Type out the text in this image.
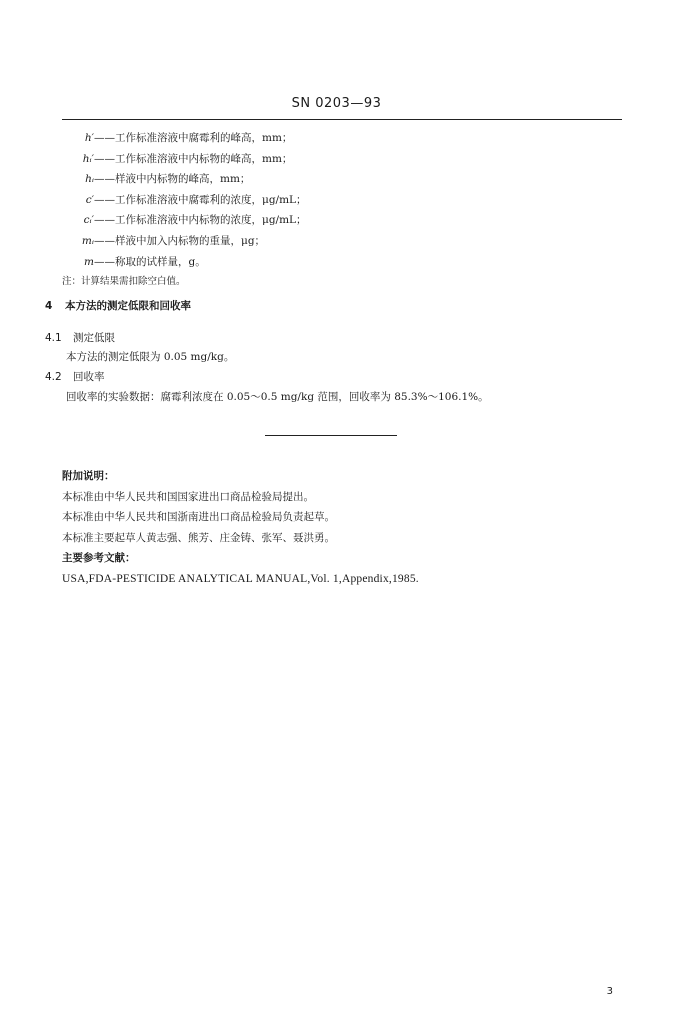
SN 0203—93
h′——工作标准溶液中腐霉利的峰高，mm；
hᵢ′——工作标准溶液中内标物的峰高，mm；
hᵢ——样液中内标物的峰高，mm；
c′——工作标准溶液中腐霉利的浓度，μg/mL；
cᵢ′——工作标准溶液中内标物的浓度，μg/mL；
mᵢ——样液中加入内标物的重量，μg；
m——称取的试样量，g。
注：计算结果需扣除空白值。
4 本方法的测定低限和回收率
4.1 测定低限
本方法的测定低限为 0.05 mg/kg。
4.2 回收率
回收率的实验数据：腐霉利浓度在 0.05～0.5 mg/kg 范围，回收率为 85.3%～106.1%。
附加说明：
本标准由中华人民共和国国家进出口商品检验局提出。
本标准由中华人民共和国浙南进出口商品检验局负责起草。
本标准主要起草人黄志强、熊芳、庄金铸、张军、聂洪勇。
主要参考文献：
USA,FDA-PESTICIDE ANALYTICAL MANUAL,Vol. 1,Appendix,1985.
3
